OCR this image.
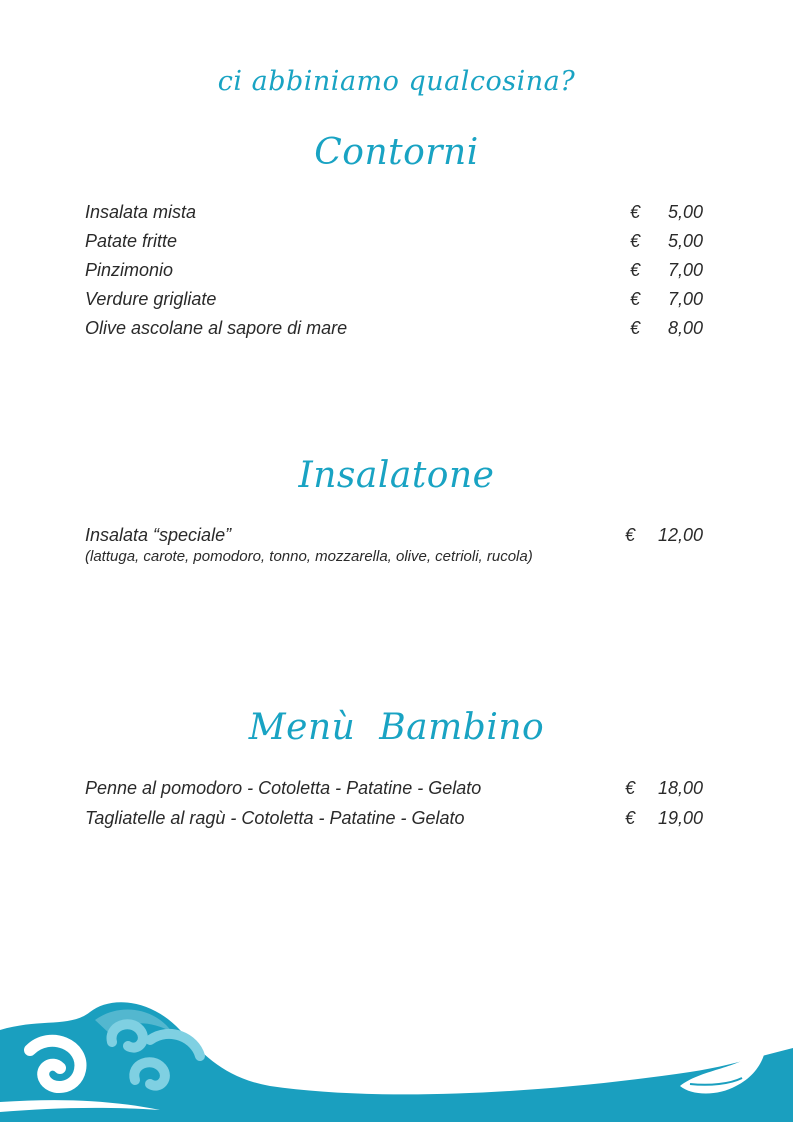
ci abbiniamo qualcosina?
Contorni
Insalata mista	€ 5,00
Patate fritte	€ 5,00
Pinzimonio	€ 7,00
Verdure grigliate	€ 7,00
Olive ascolane al sapore di mare	€ 8,00
Insalatone
Insalata “speciale”	€ 12,00
(lattuga, carote, pomodoro, tonno, mozzarella, olive, cetrioli, rucola)
Menù  Bambino
Penne al pomodoro - Cotoletta - Patatine - Gelato	€ 18,00
Tagliatelle al ragù - Cotoletta - Patatine - Gelato	€ 19,00
